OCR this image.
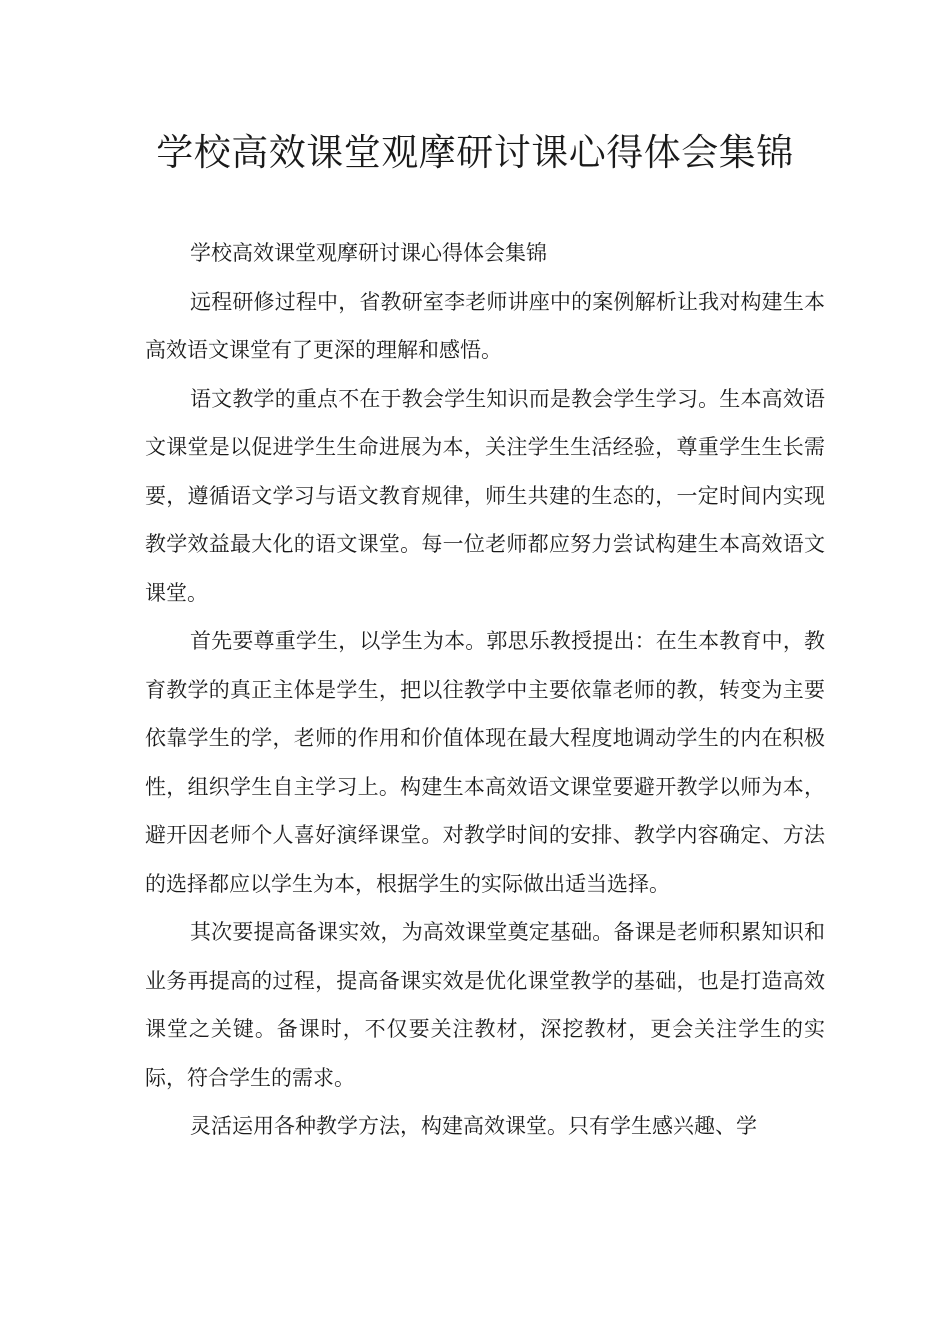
学校高效课堂观摩研讨课心得体会集锦

学校高效课堂观摩研讨课心得体会集锦

远程研修过程中，省教研室李老师讲座中的案例解析让我对构建生本高效语文课堂有了更深的理解和感悟。

语文教学的重点不在于教会学生知识而是教会学生学习。生本高效语文课堂是以促进学生生命进展为本，关注学生生活经验，尊重学生生长需要，遵循语文学习与语文教育规律，师生共建的生态的，一定时间内实现教学效益最大化的语文课堂。每一位老师都应努力尝试构建生本高效语文课堂。

首先要尊重学生，以学生为本。郭思乐教授提出：在生本教育中，教育教学的真正主体是学生，把以往教学中主要依靠老师的教，转变为主要依靠学生的学，老师的作用和价值体现在最大程度地调动学生的内在积极性，组织学生自主学习上。构建生本高效语文课堂要避开教学以师为本，避开因老师个人喜好演绎课堂。对教学时间的安排、教学内容确定、方法的选择都应以学生为本，根据学生的实际做出适当选择。

其次要提高备课实效，为高效课堂奠定基础。备课是老师积累知识和业务再提高的过程，提高备课实效是优化课堂教学的基础，也是打造高效课堂之关键。备课时，不仅要关注教材，深挖教材，更会关注学生的实际，符合学生的需求。

灵活运用各种教学方法，构建高效课堂。只有学生感兴趣、学
